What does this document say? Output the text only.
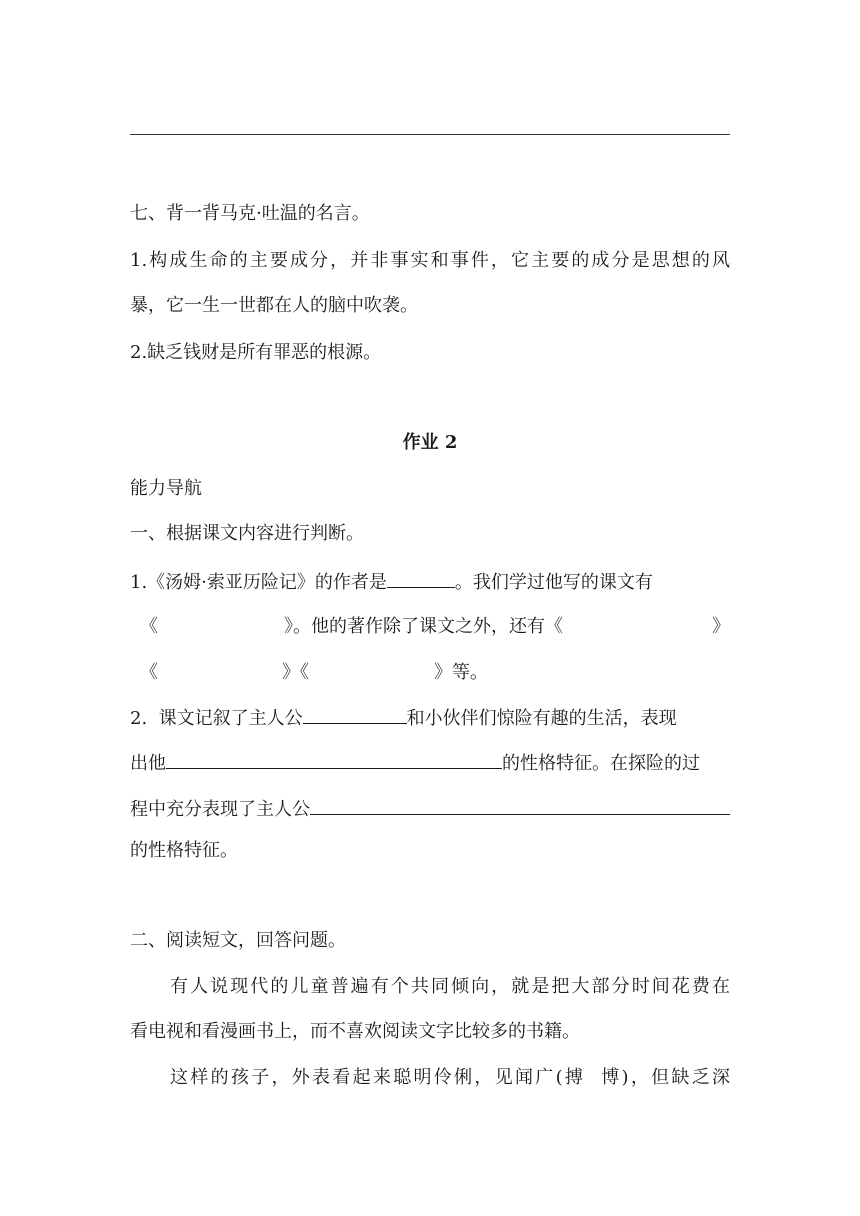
七、背一背马克·吐温的名言。
1.构成生命的主要成分，并非事实和事件，它主要的成分是思想的风
暴，它一生一世都在人的脑中吹袭。
2.缺乏钱财是所有罪恶的根源。
作业 2
能力导航
一、根据课文内容进行判断。
1.《汤姆·索亚历险记》的作者是	。我们学过他写的课文有
《	》。他的著作除了课文之外，还有《	》
《	》《	》等。
2.  课文记叙了主人公	和小伙伴们惊险有趣的生活，表现
出他	的性格特征。在探险的过
程中充分表现了主人公
的性格特征。
二、阅读短文，回答问题。
有人说现代的儿童普遍有个共同倾向，就是把大部分时间花费在
看电视和看漫画书上，而不喜欢阅读文字比较多的书籍。
这样的孩子，外表看起来聪明伶俐，见闻广(搏  博)，但缺乏深
